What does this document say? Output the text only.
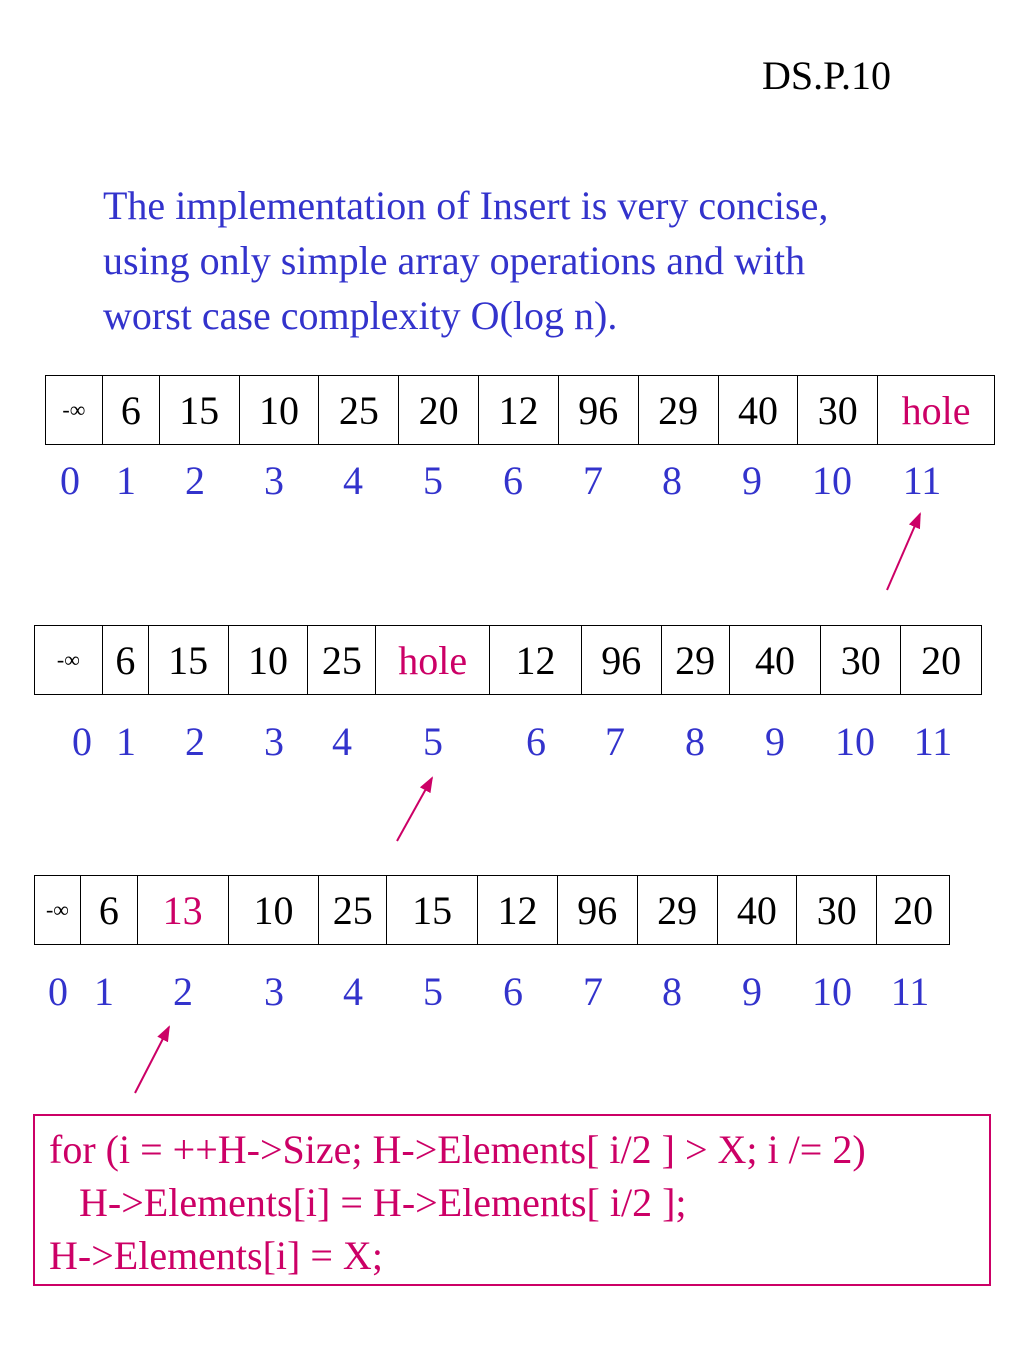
DS.P.10
The implementation of Insert is very concise,
using only simple array operations and with
worst case complexity O(log n).
-∞ 6 15 10 25 20 12 96 29 40 30	hole
0 1 2 3 4 5 6 7 8 9 10 11
-∞ 6 15 10 25 hole	12	96 29 40	30	20
0 1 2 3 4 5 6 7 8 9 10 11
-∞ 6	13	10 25 15	12 96 29 40 30 20
0 1 2 3 4 5 6 7 8 9 10 11
for (i = ++H->Size; H->Elements[ i/2 ] > X; i /= 2)
H->Elements[i] = H->Elements[ i/2 ];
H->Elements[i] = X;
